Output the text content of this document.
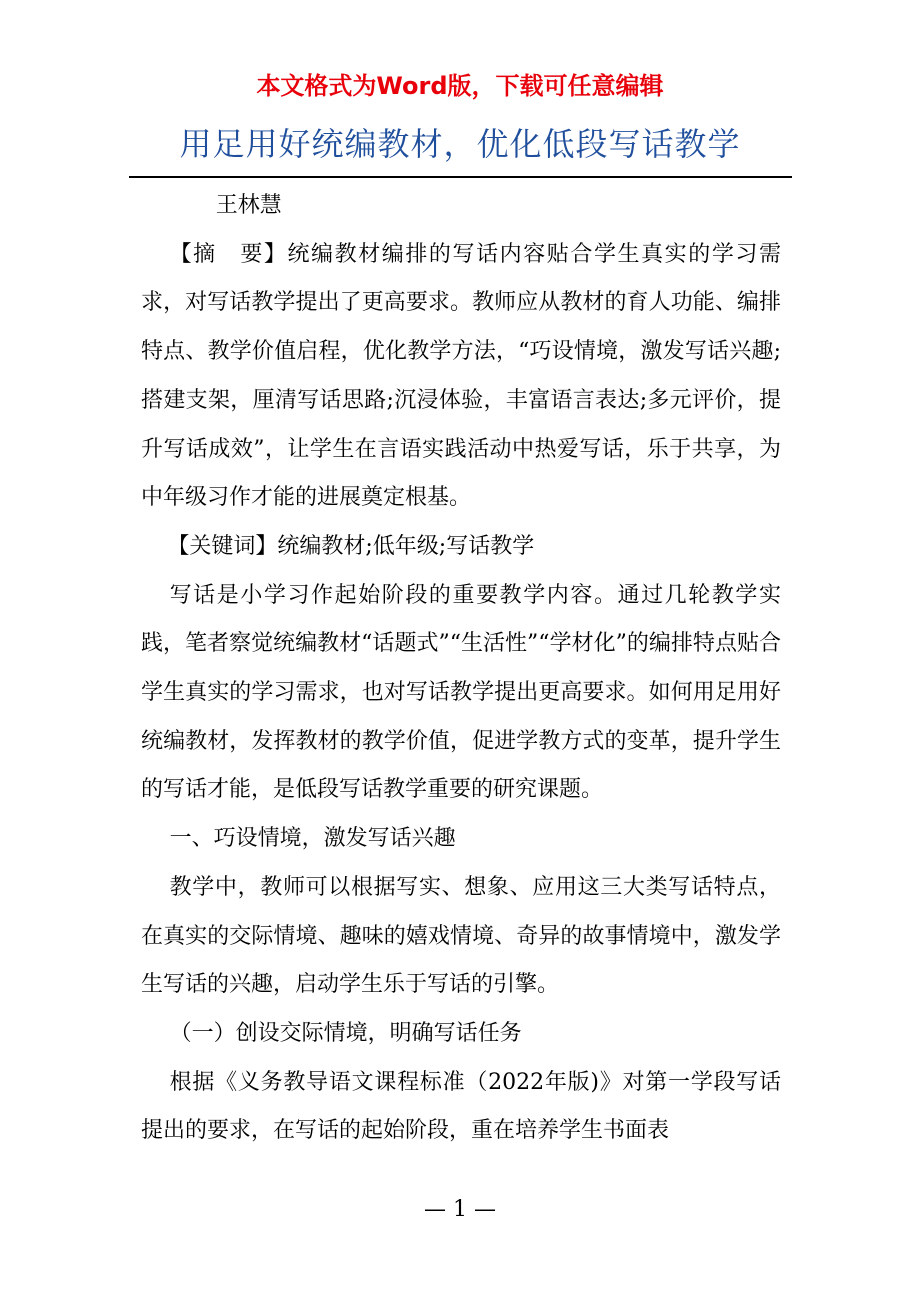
本文格式为Word版，下载可任意编辑
用足用好统编教材，优化低段写话教学

王林慧

【摘　要】统编教材编排的写话内容贴合学生真实的学习需求，对写话教学提出了更高要求。教师应从教材的育人功能、编排特点、教学价值启程，优化教学方法，“巧设情境，激发写话兴趣;搭建支架，厘清写话思路;沉浸体验，丰富语言表达;多元评价，提升写话成效”，让学生在言语实践活动中热爱写话，乐于共享，为中年级习作才能的进展奠定根基。

【关键词】统编教材;低年级;写话教学

写话是小学习作起始阶段的重要教学内容。通过几轮教学实践，笔者察觉统编教材“话题式”“生活性”“学材化”的编排特点贴合学生真实的学习需求，也对写话教学提出更高要求。如何用足用好统编教材，发挥教材的教学价值，促进学教方式的变革，提升学生的写话才能，是低段写话教学重要的研究课题。

一、巧设情境，激发写话兴趣

教学中，教师可以根据写实、想象、应用这三大类写话特点，在真实的交际情境、趣味的嬉戏情境、奇异的故事情境中，激发学生写话的兴趣，启动学生乐于写话的引擎。

（一）创设交际情境，明确写话任务

根据《义务教导语文课程标准（2022年版)》对第一学段写话提出的要求，在写话的起始阶段，重在培养学生书面表

— 1 —
